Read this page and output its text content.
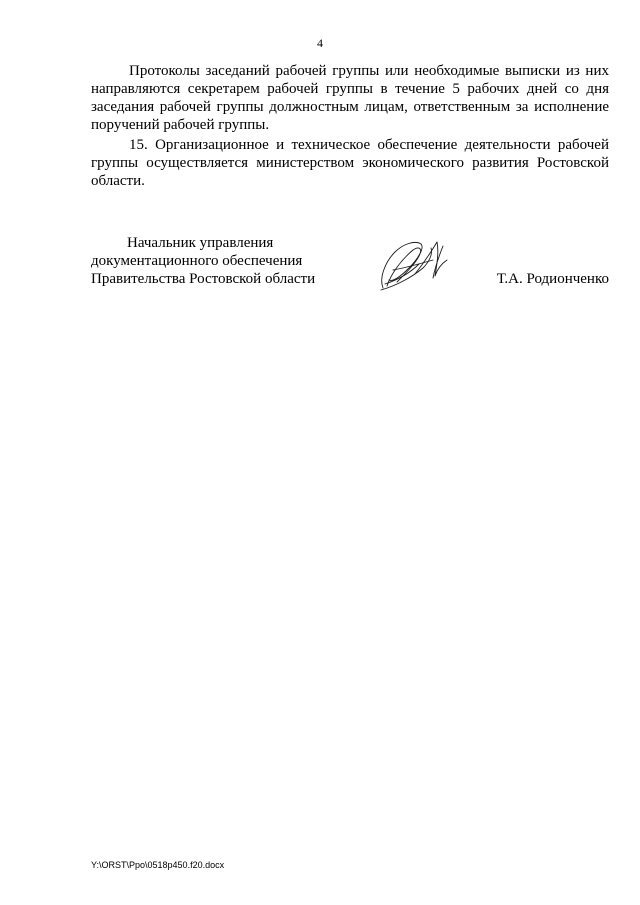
4

Протоколы заседаний рабочей группы или необходимые выписки из них направляются секретарем рабочей группы в течение 5 рабочих дней со дня заседания рабочей группы должностным лицам, ответственным за исполнение поручений рабочей группы.

15. Организационное и техническое обеспечение деятельности рабочей группы осуществляется министерством экономического развития Ростовской области.

Начальник управления
документационного обеспечения
Правительства Ростовской области	Т.А. Родионченко
Y:\ORST\Ppo\0518p450.f20.docx
